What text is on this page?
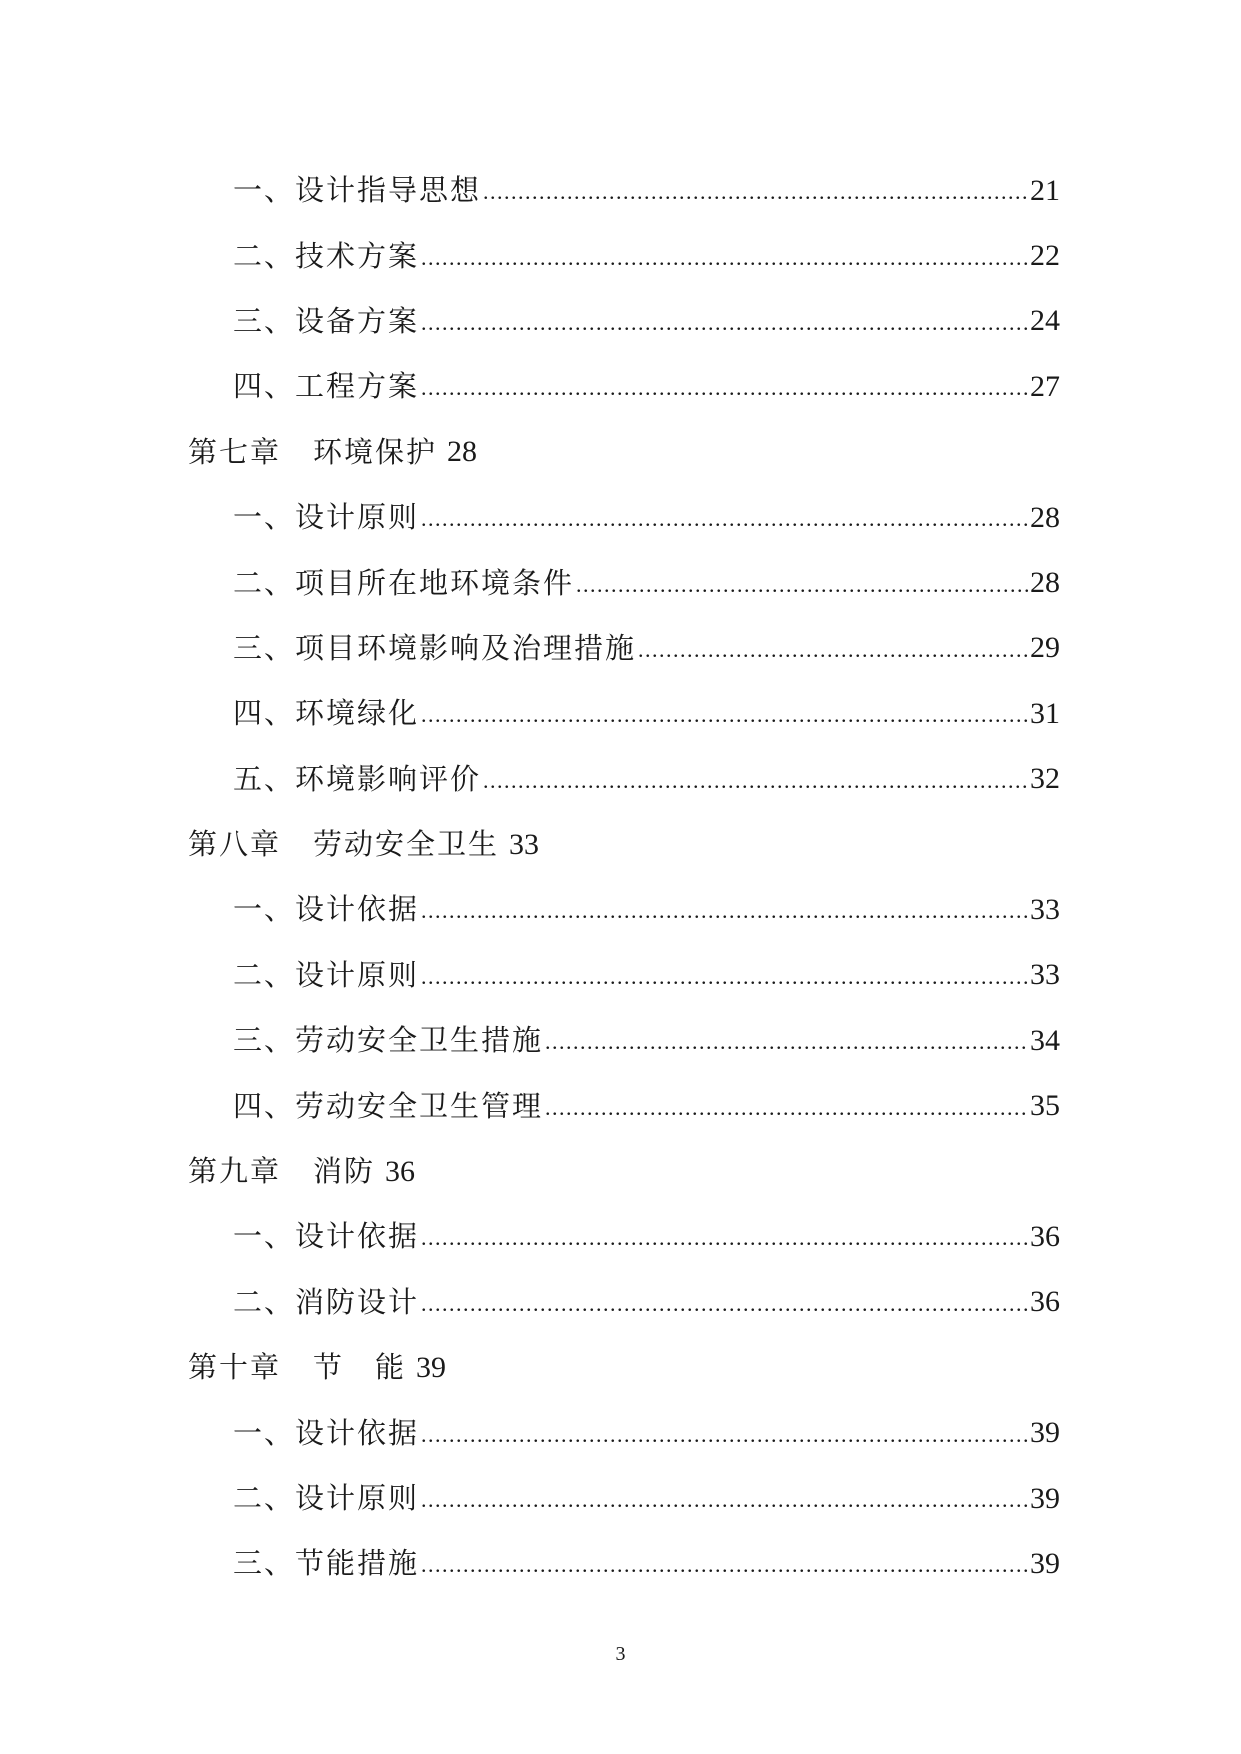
一、设计指导思想 .....	21
二、技术方案 .....	22
三、设备方案 .....	24
四、工程方案 .....	27
第七章 环境保护 28
一、设计原则 .....	28
二、项目所在地环境条件 .....	28
三、项目环境影响及治理措施 .....	29
四、环境绿化 .....	31
五、环境影响评价 .....	32
第八章 劳动安全卫生 33
一、设计依据 .....	33
二、设计原则 .....	33
三、劳动安全卫生措施 .....	34
四、劳动安全卫生管理 .....	35
第九章 消防 36
一、设计依据 .....	36
二、消防设计 .....	36
第十章 节　能 39
一、设计依据 .....	39
二、设计原则 .....	39
三、节能措施 .....	39
3
